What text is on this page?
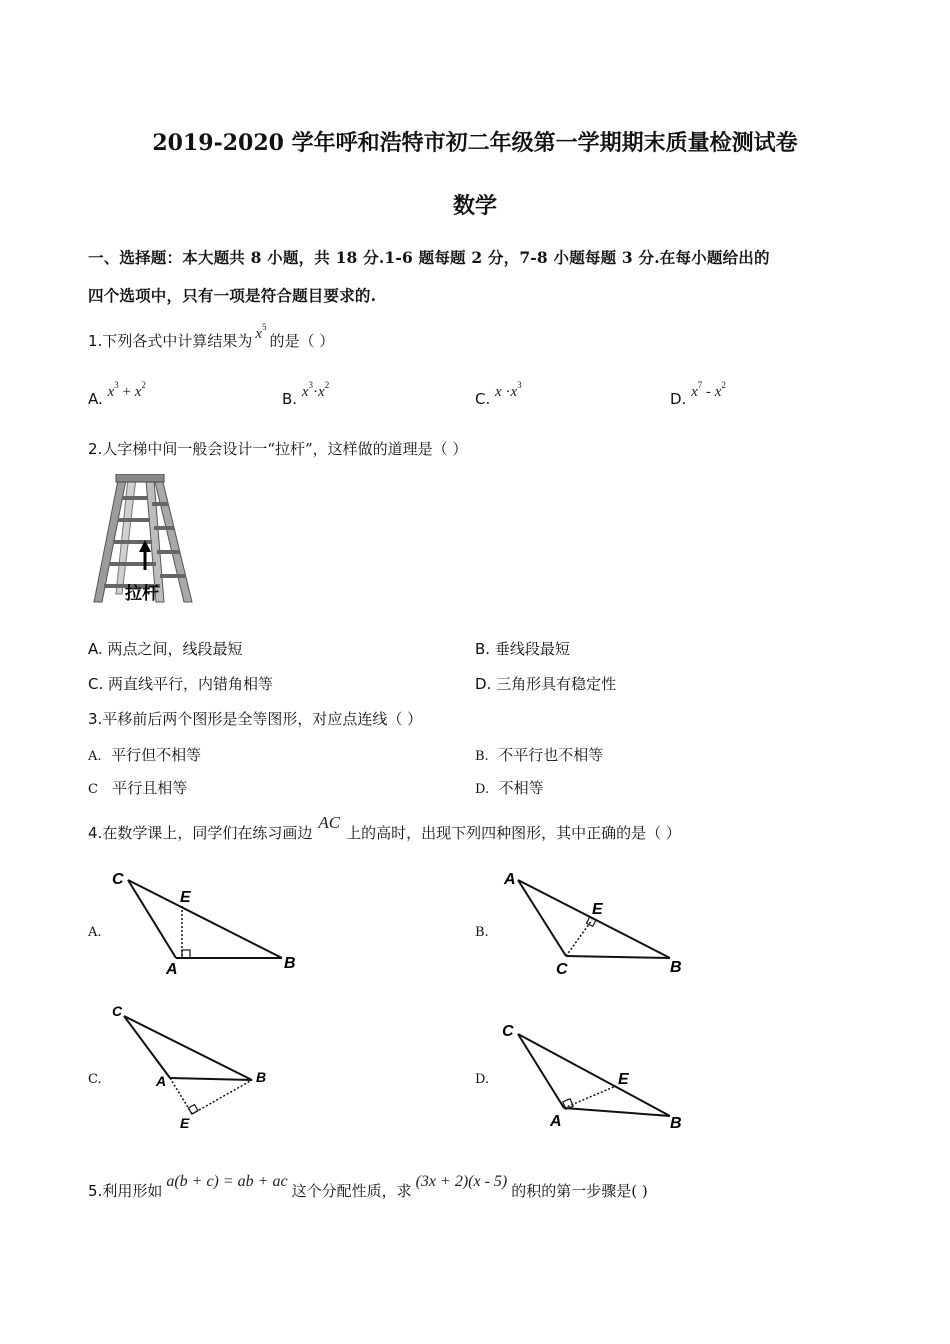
2019-2020 学年呼和浩特市初二年级第一学期期末质量检测试卷
数学
一、选择题：本大题共 8 小题，共 18 分.1-6 题每题 2 分，7-8 小题每题 3 分.在每小题给出的
四个选项中，只有一项是符合题目要求的.
1.下列各式中计算结果为 $x^5$的是（ ）
A. $x^3 + x^2$
B. $x^3\cdot x^2$
C. $x \cdot x^3$
D. $x^7 - x^2$
2.人字梯中间一般会设计一“拉杆”，这样做的道理是（ ）
拉杆
A. 两点之间，线段最短	B. 垂线段最短
C. 两直线平行，内错角相等	D. 三角形具有稳定性
3.平移前后两个图形是全等图形，对应点连线（ ）
A. 平行但不相等	B. 不平行也不相等
C 平行且相等	D. 不相等
4.在数学课上，同学们在练习画边AC上的高时，出现下列四种图形，其中正确的是（ ）
A.
C
E
A	B
B.
A
E
C	B
C.
C
A	B
E
D.
C
E
A	B
5.利用形如a(b + c) = ab + ac这个分配性质，求(3x + 2)(x - 5)的积的第一步骤是( )
